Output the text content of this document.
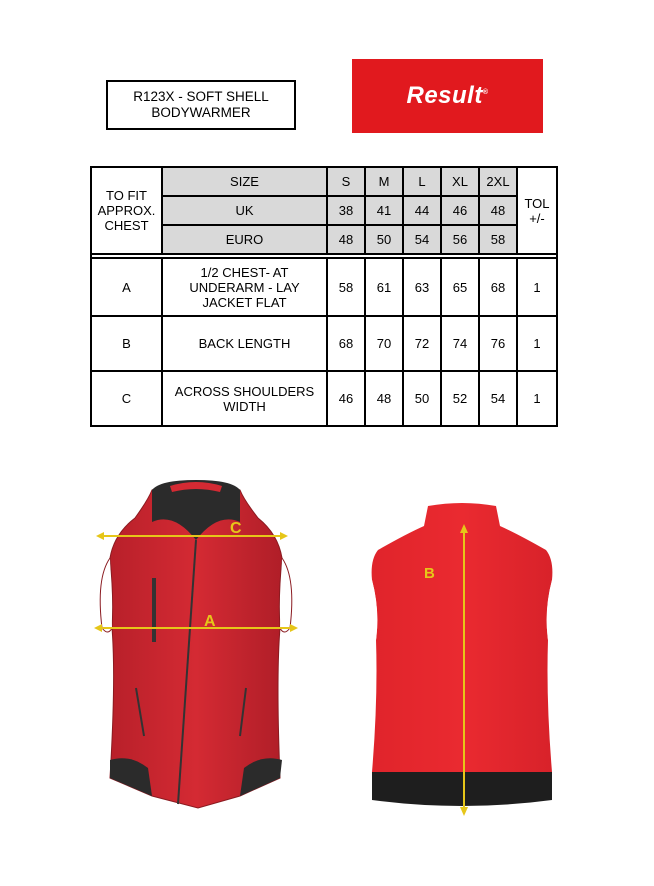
R123X - SOFT SHELL
BODYWARMER
Result®
TO FIT APPROX. CHEST	SIZE	S	M	L	XL	2XL	TOL +/-
	UK	38	41	44	46	48	
	EURO	48	50	54	56	58	

A	1/2 CHEST- AT UNDERARM - LAY JACKET FLAT	58	61	63	65	68	1
B	BACK LENGTH	68	70	72	74	76	1
C	ACROSS SHOULDERS WIDTH	46	48	50	52	54	1
C
A
B
